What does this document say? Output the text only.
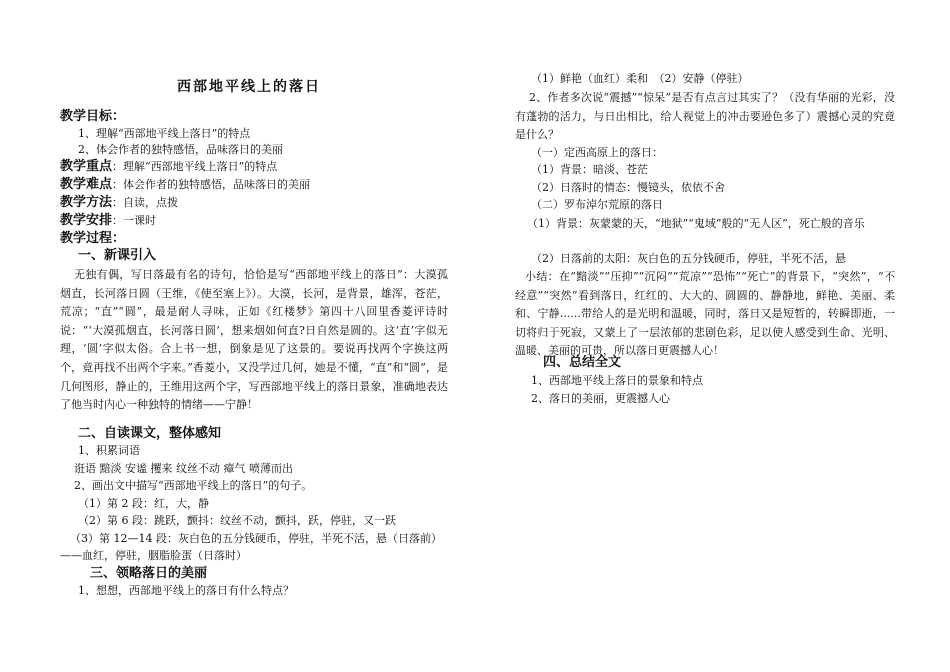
西部地平线上的落日
教学目标：
1、理解“西部地平线上落日”的特点
2、体会作者的独特感悟，品味落日的美丽
教学重点：理解“西部地平线上落日”的特点
教学难点：体会作者的独特感悟，品味落日的美丽
教学方法：自读，点拨
教学安排：一课时
教学过程：
一、新课引入
无独有偶，写日落最有名的诗句，恰恰是写“西部地平线上的落日”：大漠孤烟直，长河落日圆（王维，《使至塞上》）。大漠，长河，是背景，雄浑，苍茫，荒凉；“直”“圆”，最是耐人寻味，正如《红楼梦》第四十八回里香菱评诗时说：“‘大漠孤烟直，长河落日圆’，想来烟如何直?日自然是圆的。这‘直’字似无理，‘圆’字似太俗。合上书一想，倒象是见了这景的。要说再找两个字换这两个，竟再找不出两个字来。”香菱小，又没学过几何，她是不懂，“直”和“圆”，是几何图形，静止的，王维用这两个字，写西部地平线上的落日景象，准确地表达了他当时内心一种独特的情绪——宁静！
二、自读课文，整体感知
1、积累词语
诳语 黯淡 安谧 攫来 纹丝不动 瘴气 喷薄而出
2、画出文中描写“西部地平线上的落日”的句子。
（1）第 2 段：红，大，静
（2）第 6 段：跳跃，颤抖：纹丝不动，颤抖，跃，停驻，又一跃
（3）第 12—14 段：灰白色的五分钱硬币，停驻，半死不活，悬（日落前）
——血红，停驻，胭脂脸蛋（日落时）
三、领略落日的美丽
1、想想，西部地平线上的落日有什么特点？
（1）鲜艳（血红）柔和　（2）安静（停驻）
2、作者多次说“震撼”“惊呆”是否有点言过其实了？（没有华丽的光彩，没有蓬勃的活力，与日出相比，给人视觉上的冲击要逊色多了）震撼心灵的究竟是什么？
（一）定西高原上的落日：
（1）背景：暗淡、苍茫
（2）日落时的情态：慢镜头，依依不舍
（二）罗布淖尔荒原的落日
（1）背景：灰蒙蒙的天，“地狱”“鬼域”般的“无人区”，死亡般的音乐
（2）日落前的太阳：灰白色的五分钱硬币，停驻，半死不活，悬
小结：在“黯淡”“压抑”“沉闷”“荒凉”“恐怖”“死亡”的背景下，“突然”，“不经意”“突然”看到落日，红红的、大大的、圆圆的、静静地，鲜艳、美丽、柔和、宁静......带给人的是光明和温暖，同时，落日又是短暂的，转瞬即逝，一切将归于死寂，又蒙上了一层浓郁的悲剧色彩，足以使人感受到生命、光明、温暖、美丽的可贵，所以落日更震撼人心！
四、总结全文
1、西部地平线上落日的景象和特点
2、落日的美丽，更震撼人心
